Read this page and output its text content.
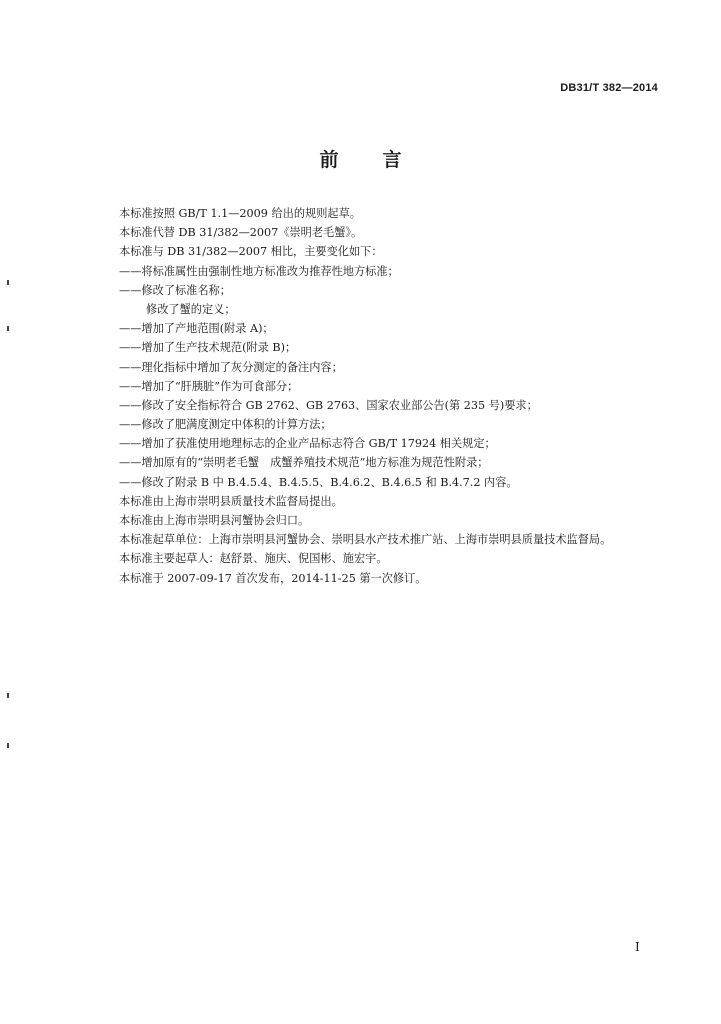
DB31/T 382—2014
前言
本标准按照 GB/T 1.1—2009 给出的规则起草。
本标准代替 DB 31/382—2007《崇明老毛蟹》。
本标准与 DB 31/382—2007 相比，主要变化如下：
——将标准属性由强制性地方标准改为推荐性地方标准；
——修改了标准名称；
修改了蟹的定义；
——增加了产地范围(附录 A)；
——增加了生产技术规范(附录 B)；
——理化指标中增加了灰分测定的备注内容；
——增加了“肝胰脏”作为可食部分；
——修改了安全指标符合 GB 2762、GB 2763、国家农业部公告(第 235 号)要求；
——修改了肥满度测定中体积的计算方法；
——增加了获准使用地理标志的企业产品标志符合 GB/T 17924 相关规定；
——增加原有的“崇明老毛蟹　成蟹养殖技术规范”地方标准为规范性附录；
——修改了附录 B 中 B.4.5.4、B.4.5.5、B.4.6.2、B.4.6.5 和 B.4.7.2 内容。
本标准由上海市崇明县质量技术监督局提出。
本标准由上海市崇明县河蟹协会归口。
本标准起草单位：上海市崇明县河蟹协会、崇明县水产技术推广站、上海市崇明县质量技术监督局。
本标准主要起草人：赵舒景、施庆、倪国彬、施宏宇。
本标准于 2007-09-17 首次发布，2014-11-25 第一次修订。
I
